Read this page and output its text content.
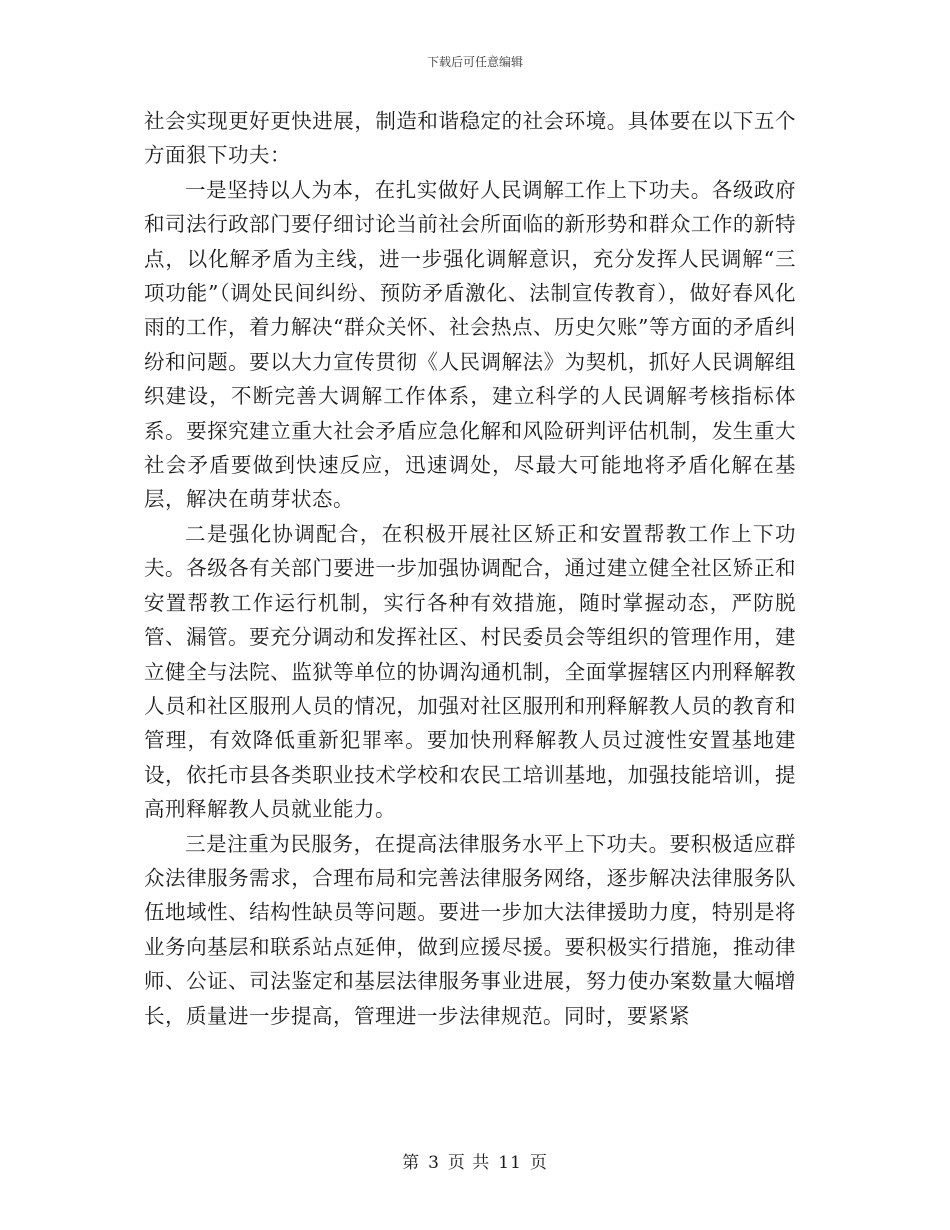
下载后可任意编辑

社会实现更好更快进展，制造和谐稳定的社会环境。具体要在以下五个方面狠下功夫：

一是坚持以人为本，在扎实做好人民调解工作上下功夫。各级政府和司法行政部门要仔细讨论当前社会所面临的新形势和群众工作的新特点，以化解矛盾为主线，进一步强化调解意识，充分发挥人民调解“三项功能”（调处民间纠纷、预防矛盾激化、法制宣传教育），做好春风化雨的工作，着力解决“群众关怀、社会热点、历史欠账”等方面的矛盾纠纷和问题。要以大力宣传贯彻《人民调解法》为契机，抓好人民调解组织建设，不断完善大调解工作体系，建立科学的人民调解考核指标体系。要探究建立重大社会矛盾应急化解和风险研判评估机制，发生重大社会矛盾要做到快速反应，迅速调处，尽最大可能地将矛盾化解在基层，解决在萌芽状态。

二是强化协调配合，在积极开展社区矫正和安置帮教工作上下功夫。各级各有关部门要进一步加强协调配合，通过建立健全社区矫正和安置帮教工作运行机制，实行各种有效措施，随时掌握动态，严防脱管、漏管。要充分调动和发挥社区、村民委员会等组织的管理作用，建立健全与法院、监狱等单位的协调沟通机制，全面掌握辖区内刑释解教人员和社区服刑人员的情况，加强对社区服刑和刑释解教人员的教育和管理，有效降低重新犯罪率。要加快刑释解教人员过渡性安置基地建设，依托市县各类职业技术学校和农民工培训基地，加强技能培训，提高刑释解教人员就业能力。

三是注重为民服务，在提高法律服务水平上下功夫。要积极适应群众法律服务需求，合理布局和完善法律服务网络，逐步解决法律服务队伍地域性、结构性缺员等问题。要进一步加大法律援助力度，特别是将业务向基层和联系站点延伸，做到应援尽援。要积极实行措施，推动律师、公证、司法鉴定和基层法律服务事业进展，努力使办案数量大幅增长，质量进一步提高，管理进一步法律规范。同时，要紧紧

第 3 页 共 11 页
